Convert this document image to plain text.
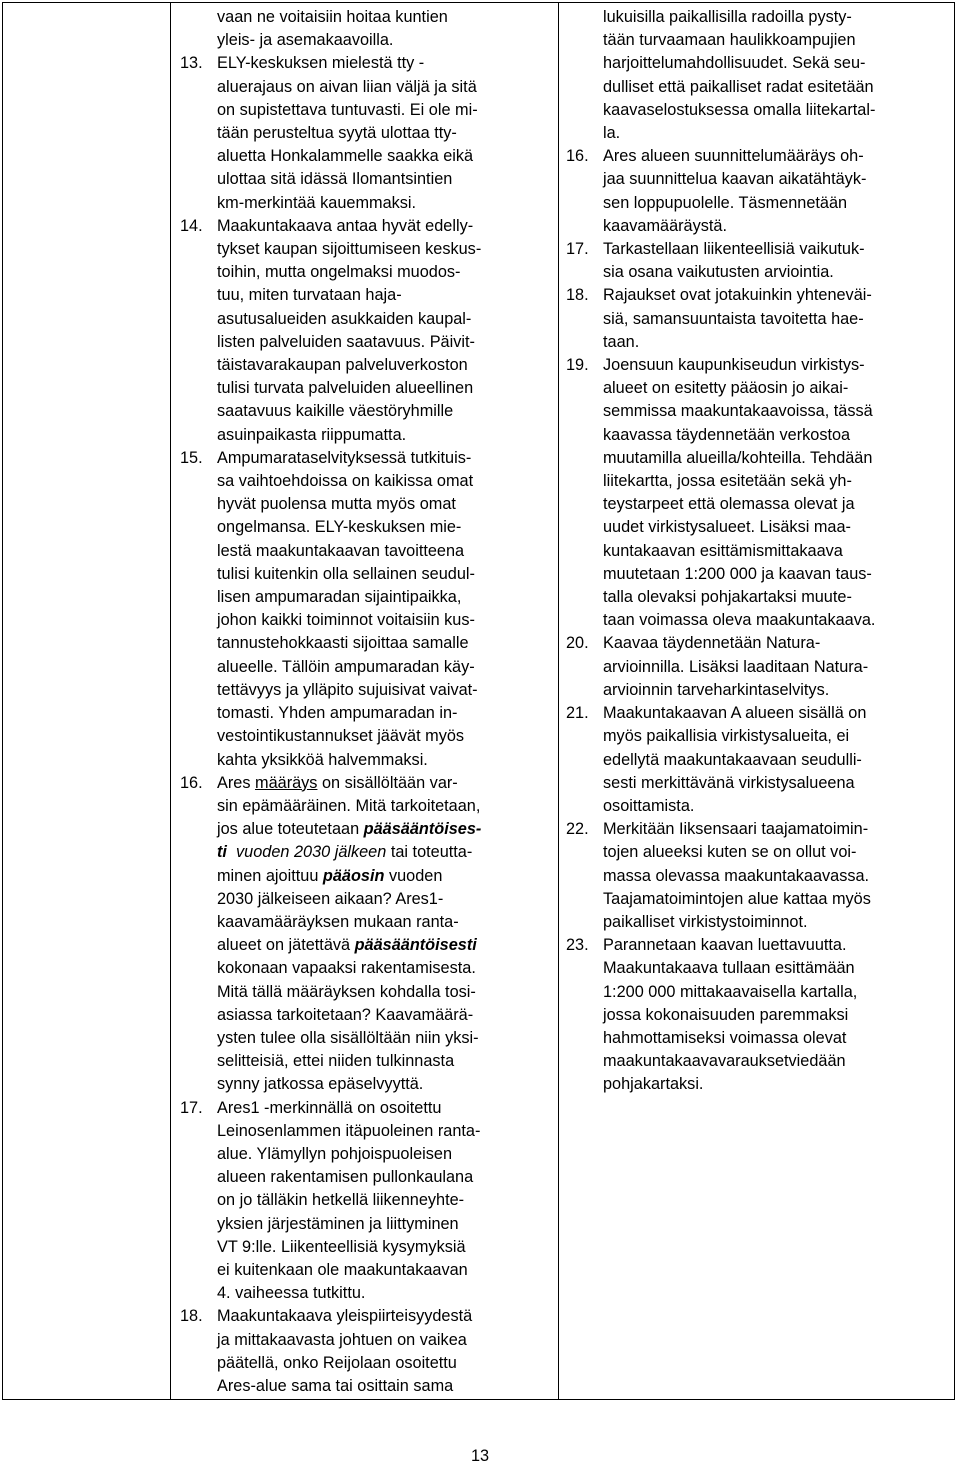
vaan ne voitaisiin hoitaa kuntien
yleis- ja asemakaavoilla.
13. ELY-keskuksen mielestä tty -
aluerajaus on aivan liian väljä ja sitä
on supistettava tuntuvasti. Ei ole mi-
tään perusteltua syytä ulottaa tty-
aluetta Honkalammelle saakka eikä
ulottaa sitä idässä Ilomantsintien
km-merkintää kauemmaksi.
14. Maakuntakaava antaa hyvät edelly-
tykset kaupan sijoittumiseen keskus-
toihin, mutta ongelmaksi muodos-
tuu, miten turvataan haja-
asutusalueiden asukkaiden kaupal-
listen palveluiden saatavuus. Päivit-
täistavarakaupan palveluverkoston
tulisi turvata palveluiden alueellinen
saatavuus kaikille väestöryhmille
asuinpaikasta riippumatta.
15. Ampumarataselvityksessä tutkituis-
sa vaihtoehdoissa on kaikissa omat
hyvät puolensa mutta myös omat
ongelmansa. ELY-keskuksen mie-
lestä maakuntakaavan tavoitteena
tulisi kuitenkin olla sellainen seudul-
lisen ampumaradan sijaintipaikka,
johon kaikki toiminnot voitaisiin kus-
tannustehokkaasti sijoittaa samalle
alueelle. Tällöin ampumaradan käy-
tettävyys ja ylläpito sujuisivat vaivat-
tomasti. Yhden ampumaradan in-
vestointikustannukset jäävät myös
kahta yksikköä halvemmaksi.
16. Ares määräys on sisällöltään var-
sin epämääräinen. Mitä tarkoitetaan,
jos alue toteutetaan pääsääntöises-
ti vuoden 2030 jälkeen tai toteutta-
minen ajoittuu pääosin vuoden
2030 jälkeiseen aikaan? Ares1-
kaavamääräyksen mukaan ranta-
alueet on jätettävä pääsääntöisesti
kokonaan vapaaksi rakentamisesta.
Mitä tällä määräyksen kohdalla tosi-
asiassa tarkoitetaan? Kaavamäärä-
ysten tulee olla sisällöltään niin yksi-
selitteisiä, ettei niiden tulkinnasta
synny jatkossa epäselvyyttä.
17. Ares1 -merkinnällä on osoitettu
Leinosenlammen itäpuoleinen ranta-
alue. Ylämyllyn pohjoispuoleisen
alueen rakentamisen pullonkaulana
on jo tälläkin hetkellä liikenneyhte-
yksien järjestäminen ja liittyminen
VT 9:lle. Liikenteellisiä kysymyksiä
ei kuitenkaan ole maakuntakaavan
4. vaiheessa tutkittu.
18. Maakuntakaava yleispiirteisyydestä
ja mittakaavasta johtuen on vaikea
päätellä, onko Reijolaan osoitettu
Ares-alue sama tai osittain sama
lukuisilla paikallisilla radoilla pysty-
tään turvaamaan haulikkoampujien
harjoittelumahdollisuudet. Sekä seu-
dulliset että paikalliset radat esitetään
kaavaselostuksessa omalla liitekartal-
la.
16. Ares alueen suunnittelumääräys oh-
jaa suunnittelua kaavan aikatähtäyk-
sen loppupuolelle. Täsmennetään
kaavamääräystä.
17. Tarkastellaan liikenteellisiä vaikutuk-
sia osana vaikutusten arviointia.
18. Rajaukset ovat jotakuinkin yhteneväi-
siä, samansuuntaista tavoitetta hae-
taan.
19. Joensuun kaupunkiseudun virkistys-
alueet on esitetty pääosin jo aikai-
semmissa maakuntakaavoissa, tässä
kaavassa täydennetään verkostoa
muutamilla alueilla/kohteilla. Tehdään
liitekartta, jossa esitetään sekä yh-
teystarpeet että olemassa olevat ja
uudet virkistysalueet. Lisäksi maa-
kuntakaavan esittämismittakaava
muutetaan 1:200 000 ja kaavan taus-
talla olevaksi pohjakartaksi muute-
taan voimassa oleva maakuntakaava.
20. Kaavaa täydennetään Natura-
arvioinnilla. Lisäksi laaditaan Natura-
arvioinnin tarveharkintaselvitys.
21. Maakuntakaavan A alueen sisällä on
myös paikallisia virkistysalueita, ei
edellytä maakuntakaavaan seudulli-
sesti merkittävänä virkistysalueena
osoittamista.
22. Merkitään Iiksensaari taajamatoimin-
tojen alueeksi kuten se on ollut voi-
massa olevassa maakuntakaavassa.
Taajamatoimintojen alue kattaa myös
paikalliset virkistystoiminnot.
23. Parannetaan kaavan luettavuutta.
Maakuntakaava tullaan esittämään
1:200 000 mittakaavaisella kartalla,
jossa kokonaisuuden paremmaksi
hahmottamiseksi voimassa olevat
maakuntakaavavarauksetviedään
pohjakartaksi.
13
